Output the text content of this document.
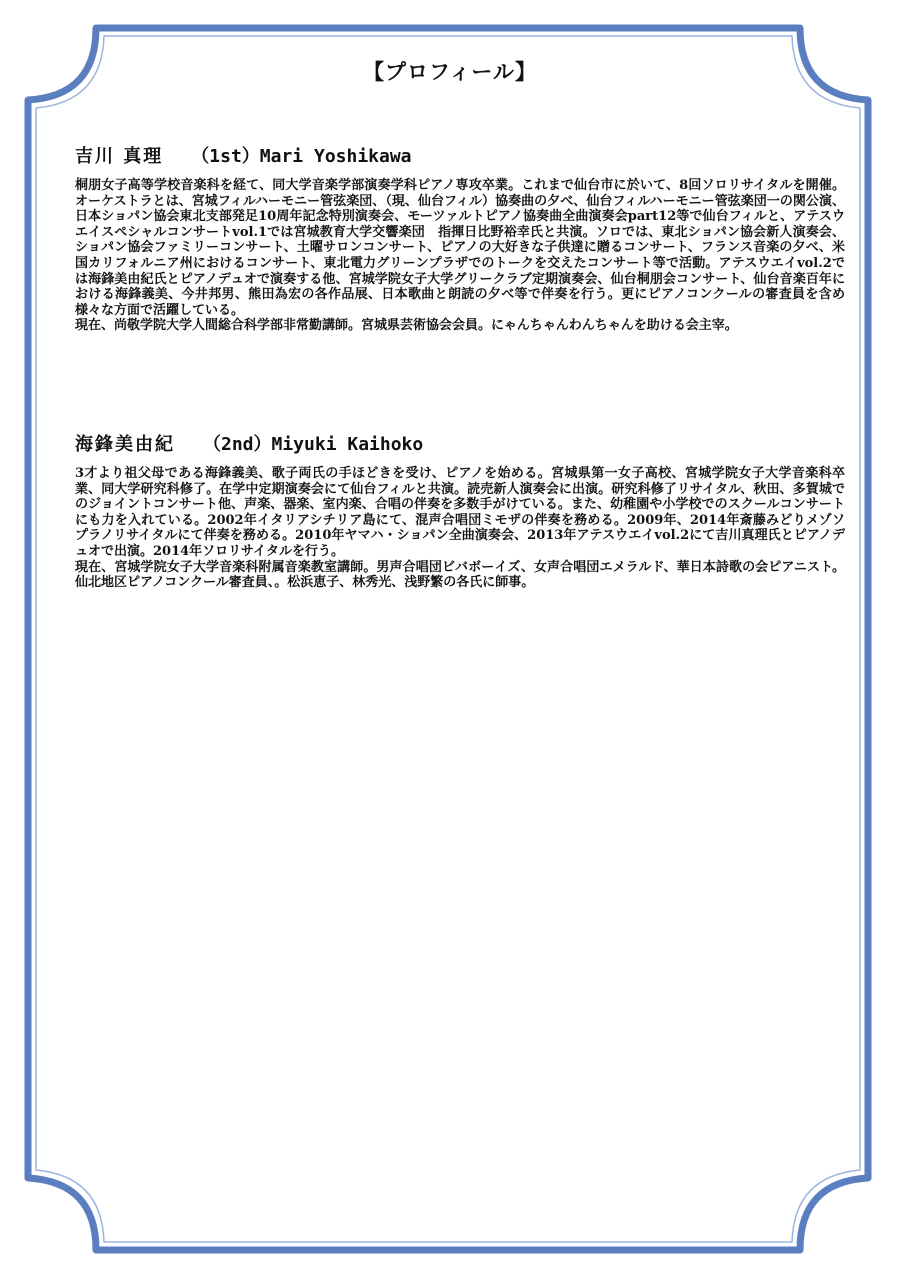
【プロフィール】
吉川 真理 （1st）Mari Yoshikawa

桐朋女子高等学校音楽科を経て、同大学音楽学部演奏学科ピアノ専攻卒業。これまで仙台市に於いて、8回ソロリサイタルを開催。オーケストラとは、宮城フィルハーモニー管弦楽団、（現、仙台フィル）協奏曲の夕べ、仙台フィルハーモニー管弦楽団一の関公演、日本ショパン協会東北支部発足10周年記念特別演奏会、モーツァルトピアノ協奏曲全曲演奏会part12等で仙台フィルと、アテスウエイスペシャルコンサートvol.1では宮城教育大学交響楽団　指揮日比野裕幸氏と共演。ソロでは、東北ショパン協会新人演奏会、ショパン協会ファミリーコンサート、土曜サロンコンサート、ピアノの大好きな子供達に贈るコンサート、フランス音楽の夕べ、米国カリフォルニア州におけるコンサート、東北電力グリーンプラザでのトークを交えたコンサート等で活動。アテスウエイvol.2では海鋒美由紀氏とピアノデュオで演奏する他、宮城学院女子大学グリークラブ定期演奏会、仙台桐朋会コンサート、仙台音楽百年における海鋒義美、今井邦男、熊田為宏の各作品展、日本歌曲と朗読の夕べ等で伴奏を行う。更にピアノコンクールの審査員を含め様々な方面で活躍している。

現在、尚敬学院大学人間総合科学部非常勤講師。宮城県芸術協会会員。にゃんちゃんわんちゃんを助ける会主宰。

海鋒美由紀 （2nd）Miyuki Kaihoko

3才より祖父母である海鋒義美、歌子両氏の手ほどきを受け、ピアノを始める。宮城県第一女子高校、宮城学院女子大学音楽科卒業、同大学研究科修了。在学中定期演奏会にて仙台フィルと共演。読売新人演奏会に出演。研究科修了リサイタル、秋田、多賀城でのジョイントコンサート他、声楽、器楽、室内楽、合唱の伴奏を多数手がけている。また、幼稚園や小学校でのスクールコンサートにも力を入れている。2002年イタリアシチリア島にて、混声合唱団ミモザの伴奏を務める。2009年、2014年斎藤みどりメゾソプラノリサイタルにて伴奏を務める。2010年ヤマハ・ショパン全曲演奏会、2013年アテスウエイvol.2にて吉川真理氏とピアノデュオで出演。2014年ソロリサイタルを行う。

現在、宮城学院女子大学音楽科附属音楽教室講師。男声合唱団ビバボーイズ、女声合唱団エメラルド、華日本詩歌の会ピアニスト。仙北地区ピアノコンクール審査員、。松浜恵子、林秀光、浅野繁の各氏に師事。
